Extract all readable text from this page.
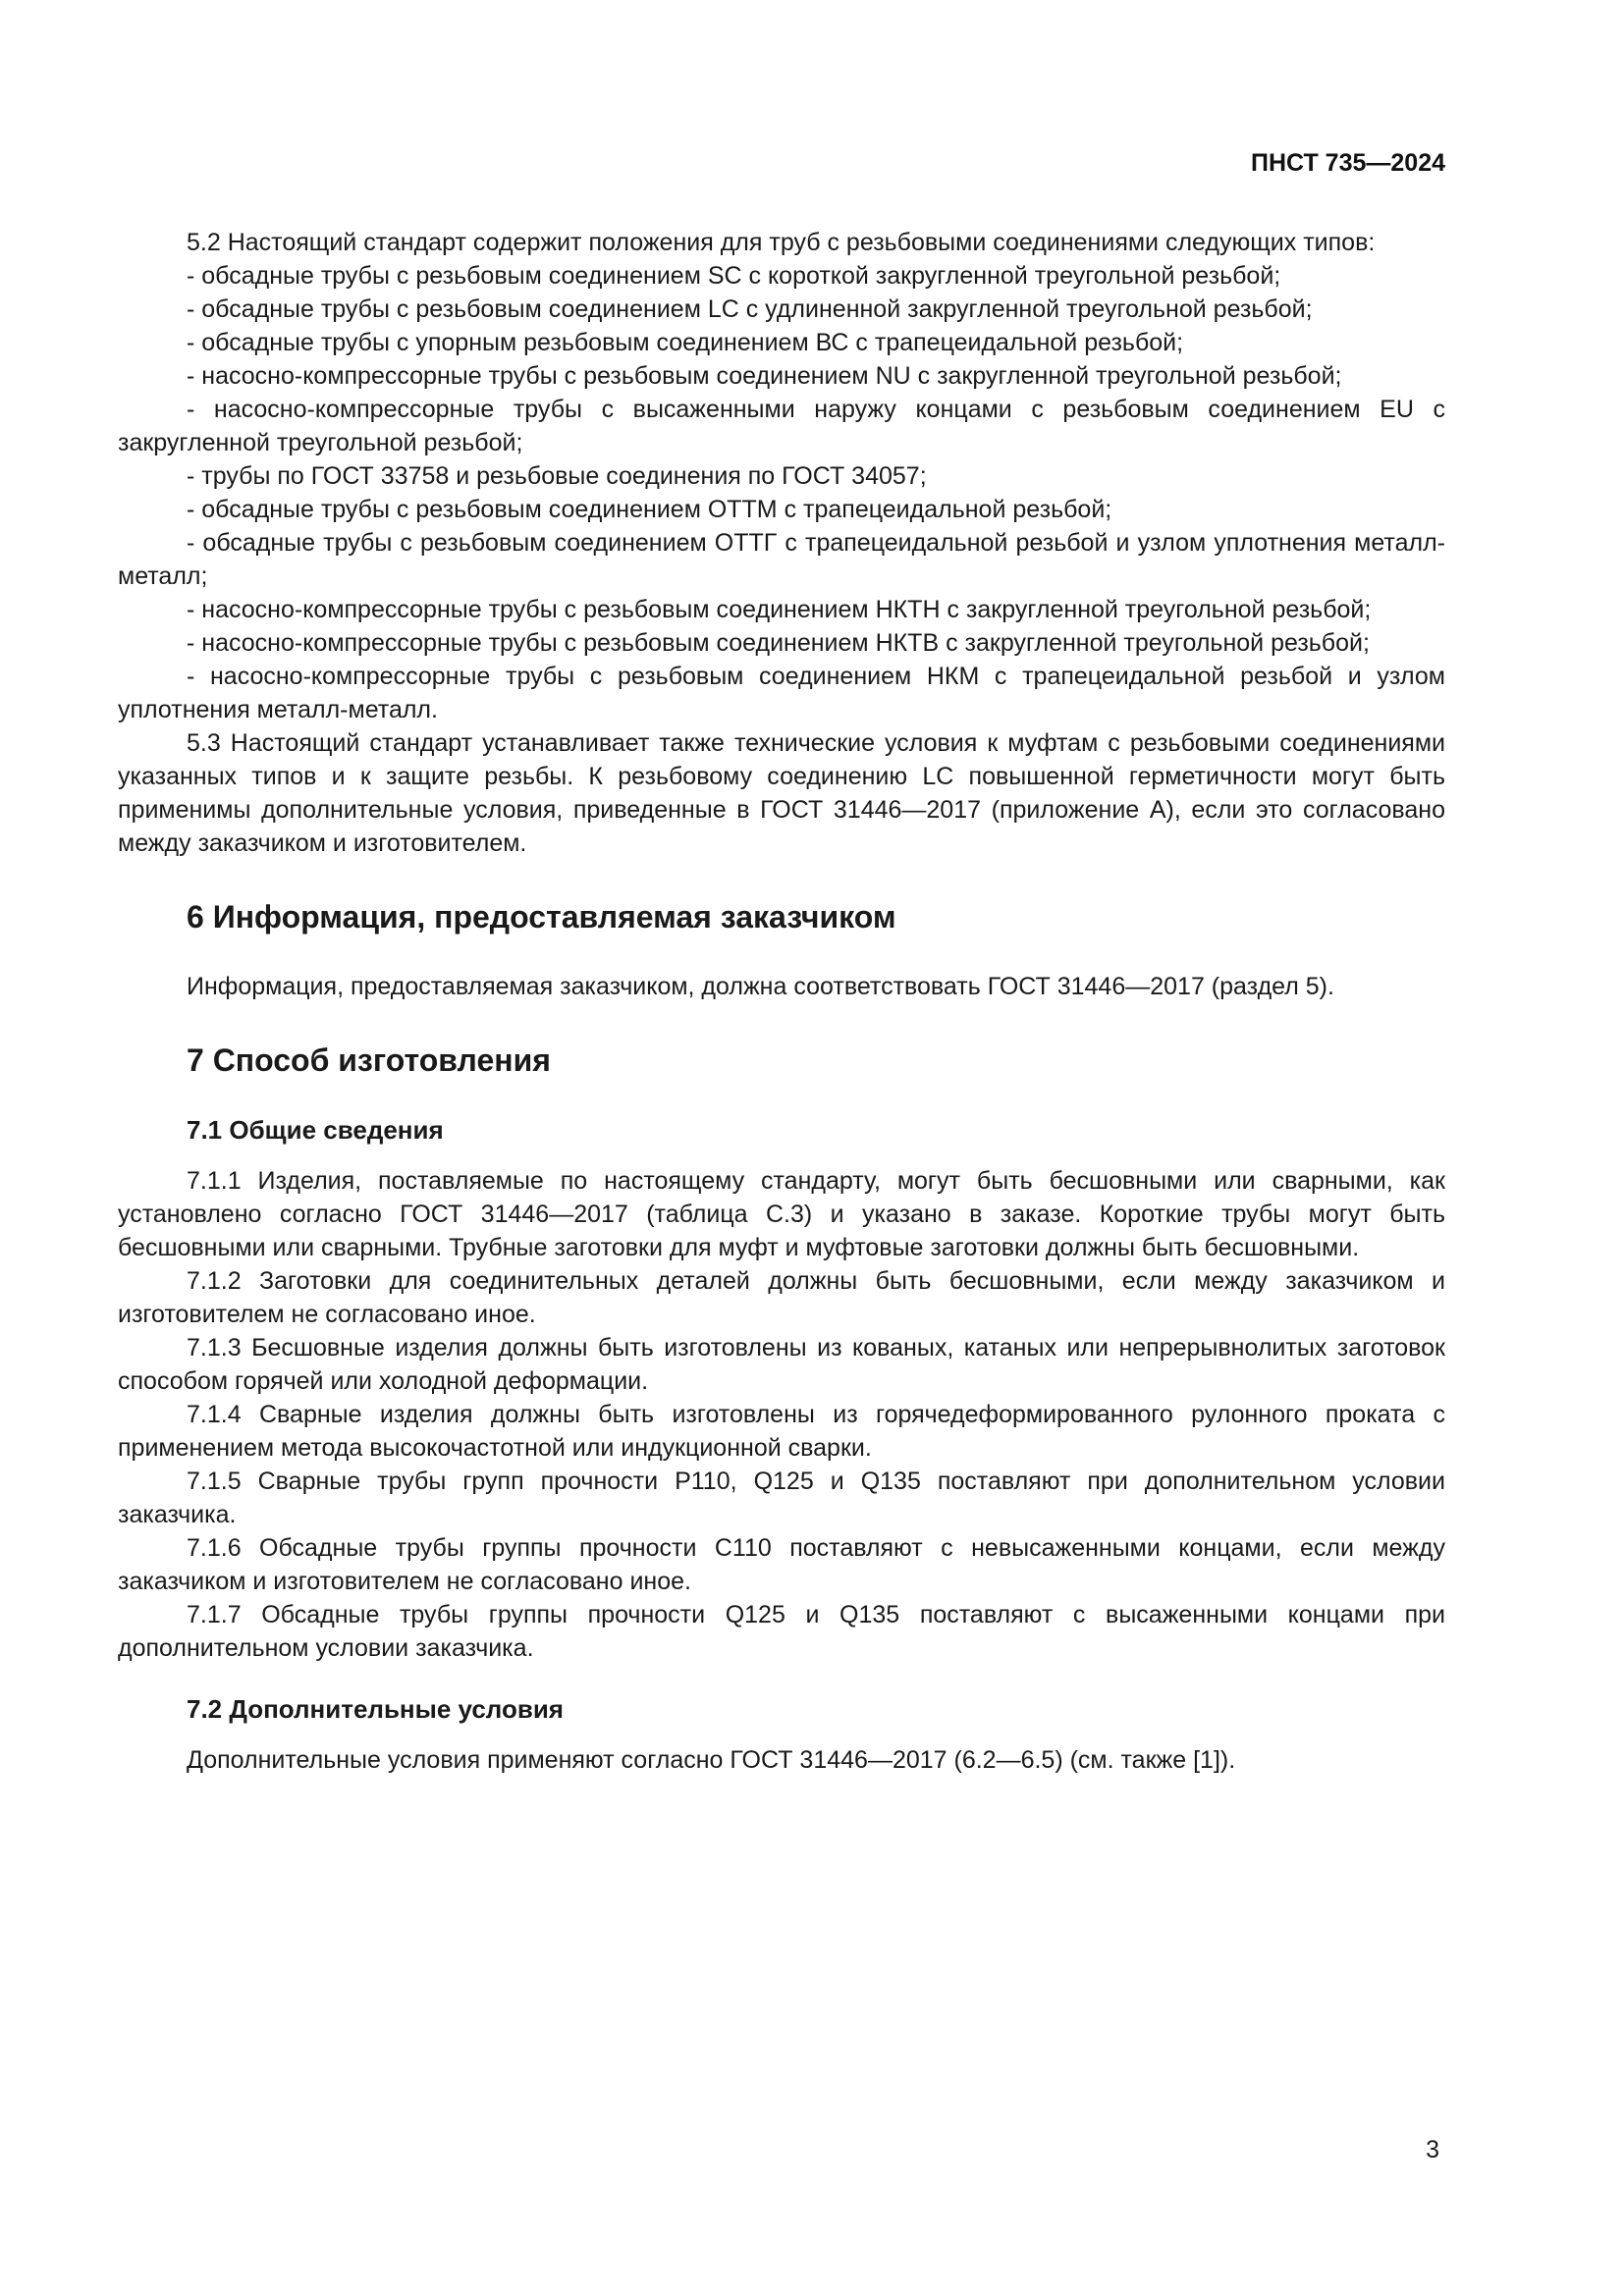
ПНСТ 735—2024

5.2 Настоящий стандарт содержит положения для труб с резьбовыми соединениями следующих типов:

- обсадные трубы с резьбовым соединением SC с короткой закругленной треугольной резьбой;

- обсадные трубы с резьбовым соединением LC с удлиненной закругленной треугольной резьбой;

- обсадные трубы с упорным резьбовым соединением ВС с трапецеидальной резьбой;

- насосно-компрессорные трубы с резьбовым соединением NU с закругленной треугольной резьбой;

- насосно-компрессорные трубы с высаженными наружу концами с резьбовым соединением EU с закругленной треугольной резьбой;

- трубы по ГОСТ 33758 и резьбовые соединения по ГОСТ 34057;

- обсадные трубы с резьбовым соединением ОТТМ с трапецеидальной резьбой;

- обсадные трубы с резьбовым соединением ОТТГ с трапецеидальной резьбой и узлом уплотнения металл-металл;

- насосно-компрессорные трубы с резьбовым соединением НКТН с закругленной треугольной резьбой;

- насосно-компрессорные трубы с резьбовым соединением НКТВ с закругленной треугольной резьбой;

- насосно-компрессорные трубы с резьбовым соединением НКМ с трапецеидальной резьбой и узлом уплотнения металл-металл.

5.3 Настоящий стандарт устанавливает также технические условия к муфтам с резьбовыми соединениями указанных типов и к защите резьбы. К резьбовому соединению LC повышенной герметичности могут быть применимы дополнительные условия, приведенные в ГОСТ 31446—2017 (приложение А), если это согласовано между заказчиком и изготовителем.

6 Информация, предоставляемая заказчиком

Информация, предоставляемая заказчиком, должна соответствовать ГОСТ 31446—2017 (раздел 5).

7 Способ изготовления
7.1 Общие сведения

7.1.1 Изделия, поставляемые по настоящему стандарту, могут быть бесшовными или сварными, как установлено согласно ГОСТ 31446—2017 (таблица С.3) и указано в заказе. Короткие трубы могут быть бесшовными или сварными. Трубные заготовки для муфт и муфтовые заготовки должны быть бесшовными.

7.1.2 Заготовки для соединительных деталей должны быть бесшовными, если между заказчиком и изготовителем не согласовано иное.

7.1.3 Бесшовные изделия должны быть изготовлены из кованых, катаных или непрерывнолитых заготовок способом горячей или холодной деформации.

7.1.4 Сварные изделия должны быть изготовлены из горячедеформированного рулонного проката с применением метода высокочастотной или индукционной сварки.

7.1.5 Сварные трубы групп прочности Р110, Q125 и Q135 поставляют при дополнительном условии заказчика.

7.1.6 Обсадные трубы группы прочности С110 поставляют с невысаженными концами, если между заказчиком и изготовителем не согласовано иное.

7.1.7 Обсадные трубы группы прочности Q125 и Q135 поставляют с высаженными концами при дополнительном условии заказчика.

7.2 Дополнительные условия

Дополнительные условия применяют согласно ГОСТ 31446—2017 (6.2—6.5) (см. также [1]).

3
